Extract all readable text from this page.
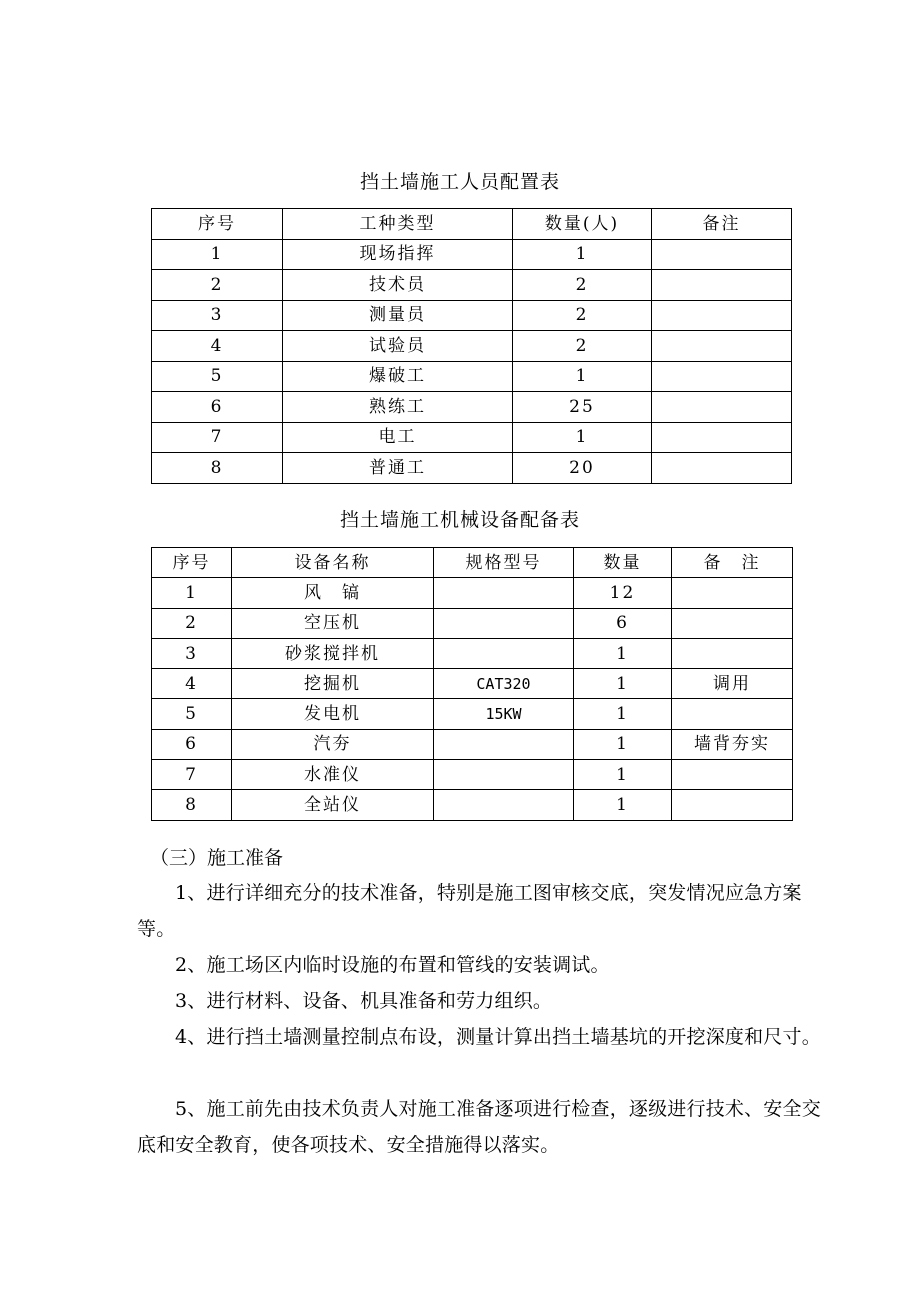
挡土墙施工人员配置表
序号	工种类型	数量(人)	备注
1	现场指挥	1	
2	技术员	2	
3	测量员	2	
4	试验员	2	
5	爆破工	1	
6	熟练工	25	
7	电工	1	
8	普通工	20	
挡土墙施工机械设备配备表
序号	设备名称	规格型号	数量	备　注
1	风　镐		12	
2	空压机		6	
3	砂浆搅拌机		1	
4	挖掘机	CAT320	1	调用
5	发电机	15KW	1	
6	汽夯		1	墙背夯实
7	水准仪		1	
8	全站仪		1	
（三）施工准备

1、进行详细充分的技术准备，特别是施工图审核交底，突发情况应急方案等。

2、施工场区内临时设施的布置和管线的安装调试。

3、进行材料、设备、机具准备和劳力组织。

4、进行挡土墙测量控制点布设，测量计算出挡土墙基坑的开挖深度和尺寸。

5、施工前先由技术负责人对施工准备逐项进行检查，逐级进行技术、安全交底和安全教育，使各项技术、安全措施得以落实。
